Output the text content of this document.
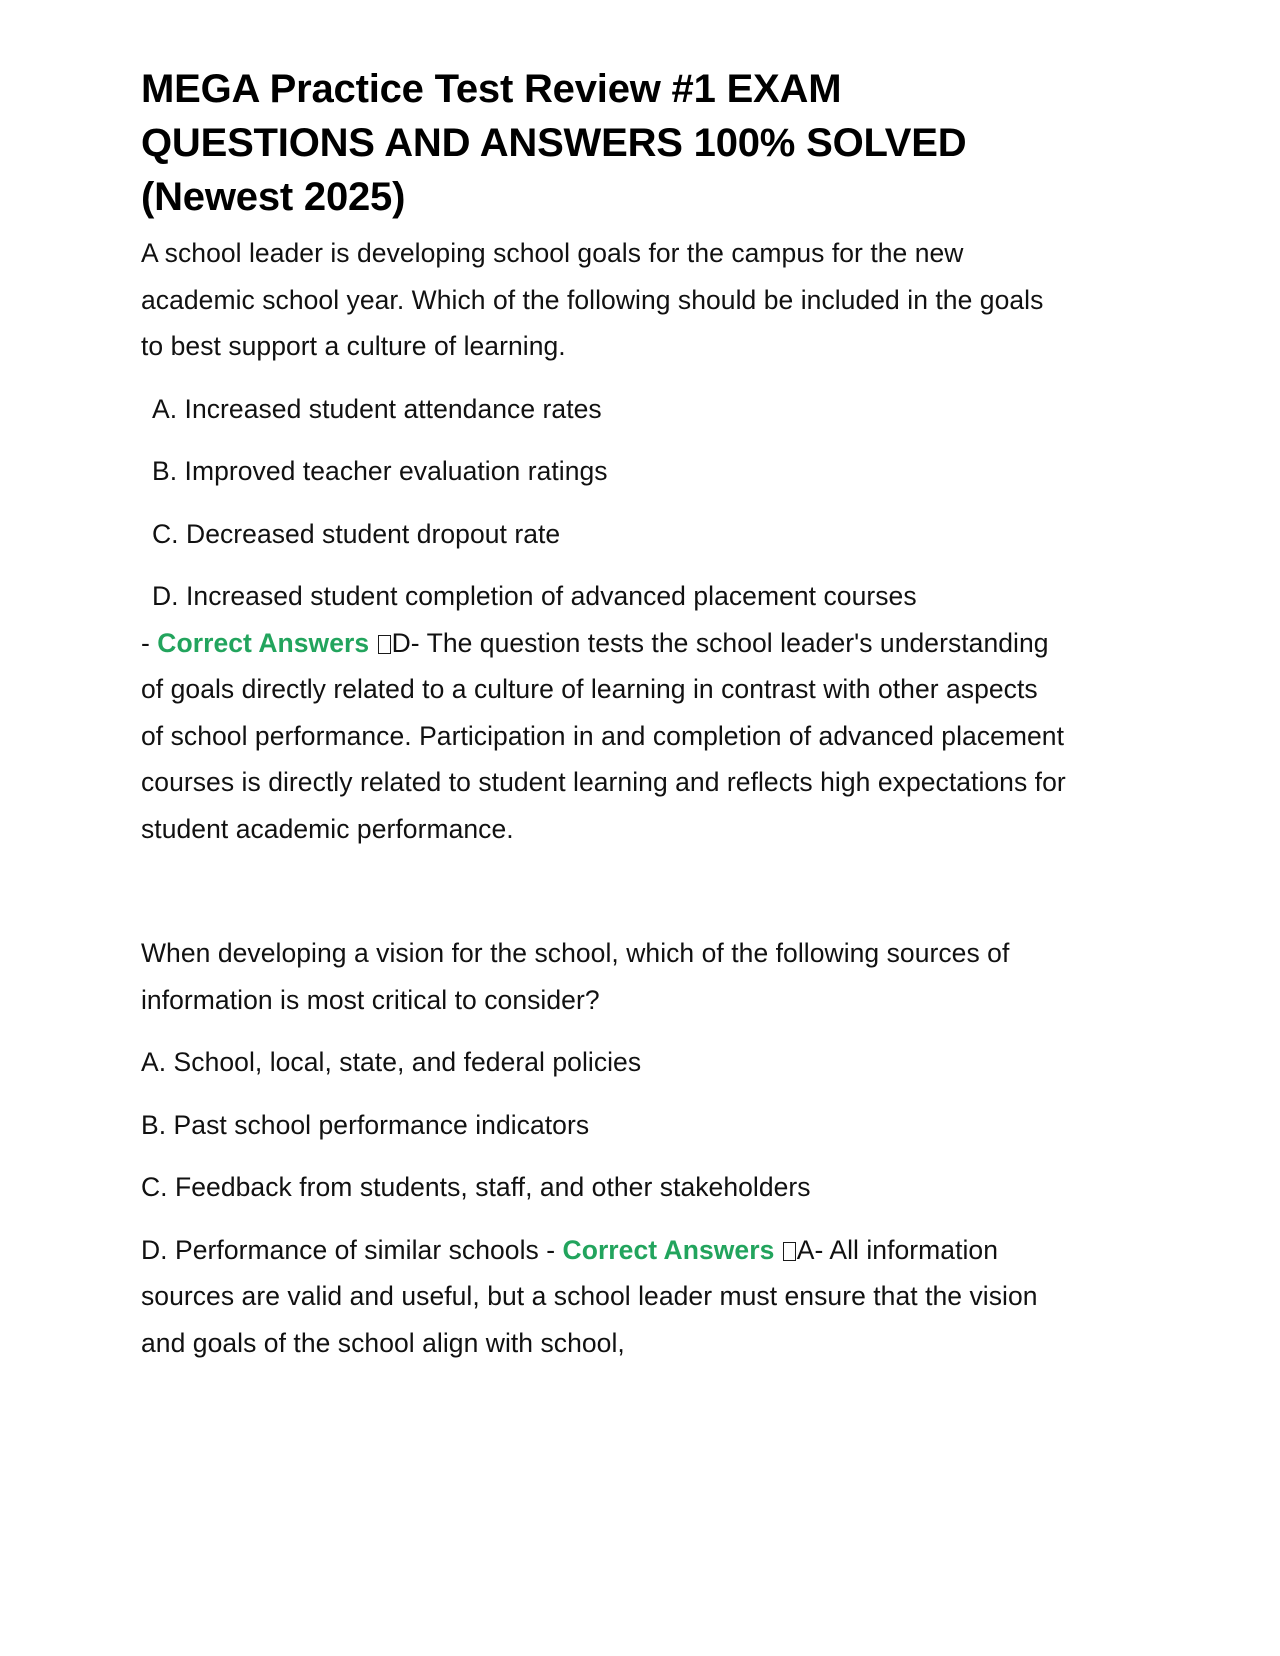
MEGA Practice Test Review #1 EXAM QUESTIONS AND ANSWERS 100% SOLVED (Newest 2025)

A school leader is developing school goals for the campus for the new academic school year. Which of the following should be included in the goals to best support a culture of learning.

A. Increased student attendance rates

B. Improved teacher evaluation ratings

C. Decreased student dropout rate

D. Increased student completion of advanced placement courses

- Correct Answers D- The question tests the school leader's understanding of goals directly related to a culture of learning in contrast with other aspects of school performance. Participation in and completion of advanced placement courses is directly related to student learning and reflects high expectations for student academic performance.

When developing a vision for the school, which of the following sources of information is most critical to consider?

A. School, local, state, and federal policies

B. Past school performance indicators

C. Feedback from students, staff, and other stakeholders

D. Performance of similar schools - Correct Answers A- All information sources are valid and useful, but a school leader must ensure that the vision and goals of the school align with school,
